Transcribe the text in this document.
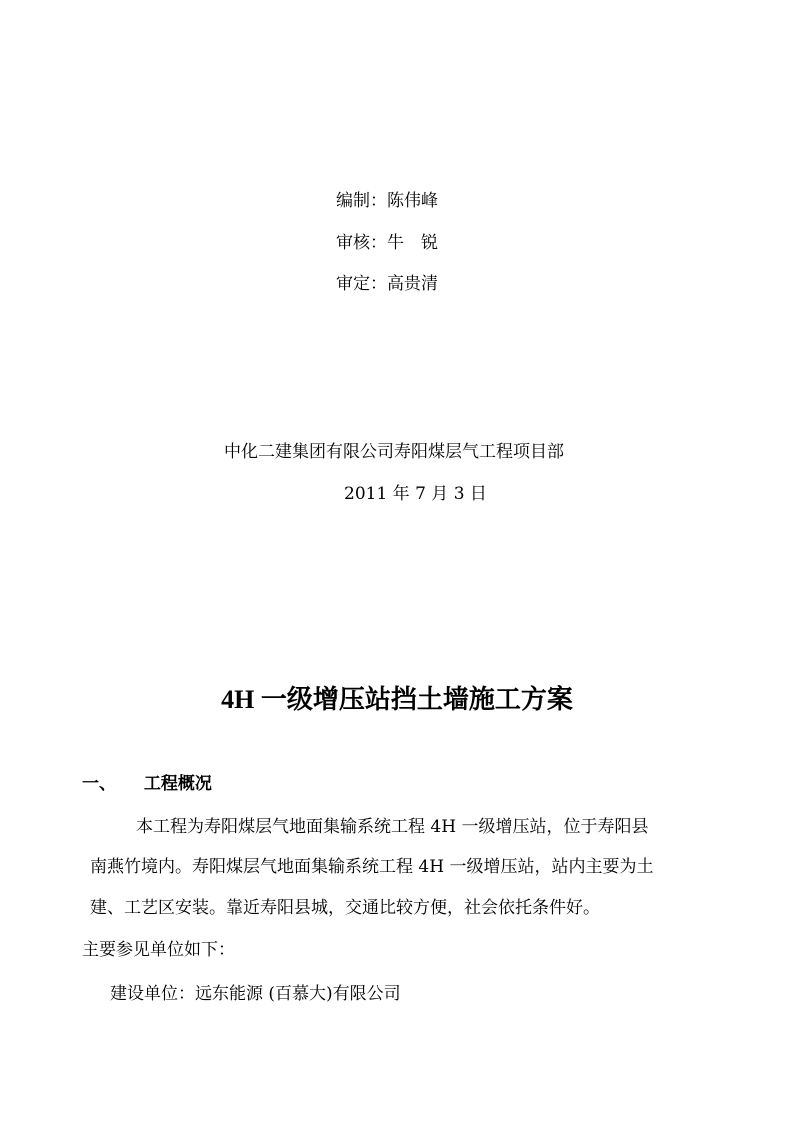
编制：陈伟峰
审核：牛　锐
审定：高贵清
中化二建集团有限公司寿阳煤层气工程项目部
2011 年 7 月 3 日
4H 一级增压站挡土墙施工方案
一、 工程概况
本工程为寿阳煤层气地面集输系统工程 4H 一级增压站，位于寿阳县
南燕竹境内。寿阳煤层气地面集输系统工程 4H 一级增压站，站内主要为土
建、工艺区安装。靠近寿阳县城，交通比较方便，社会依托条件好。
主要参见单位如下：
建设单位：远东能源 (百慕大)有限公司
